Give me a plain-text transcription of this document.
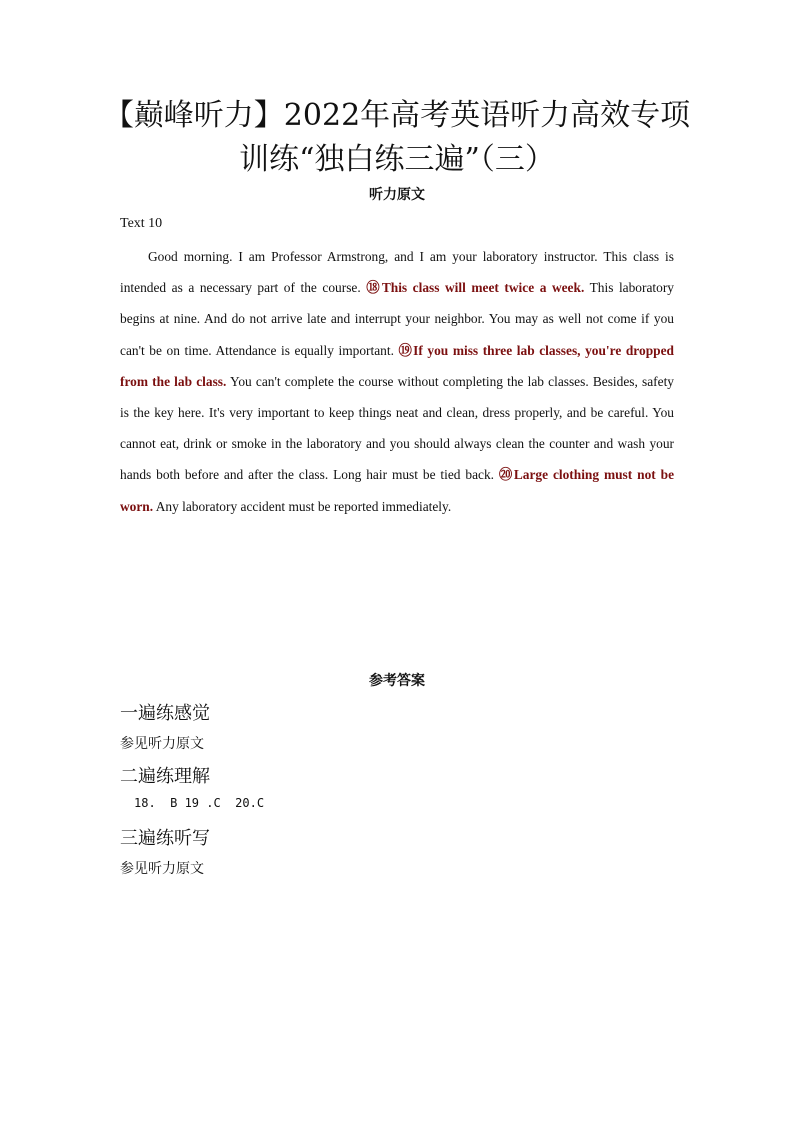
【巅峰听力】2022年高考英语听力高效专项
训练“独白练三遍”（三）
听力原文
Text 10

Good morning. I am Professor Armstrong, and I am your laboratory instructor. This class is intended as a necessary part of the course. ⑱This class will meet twice a week. This laboratory begins at nine. And do not arrive late and interrupt your neighbor. You may as well not come if you can't be on time. Attendance is equally important. ⑲If you miss three lab classes, you're dropped from the lab class. You can't complete the course without completing the lab classes. Besides, safety is the key here. It's very important to keep things neat and clean, dress properly, and be careful. You cannot eat, drink or smoke in the laboratory and you should always clean the counter and wash your hands both before and after the class. Long hair must be tied back. ⑳Large clothing must not be worn. Any laboratory accident must be reported immediately.

参考答案
一遍练感觉
参见听力原文
二遍练理解
18.  B 19 .C  20.C
三遍练听写
参见听力原文
